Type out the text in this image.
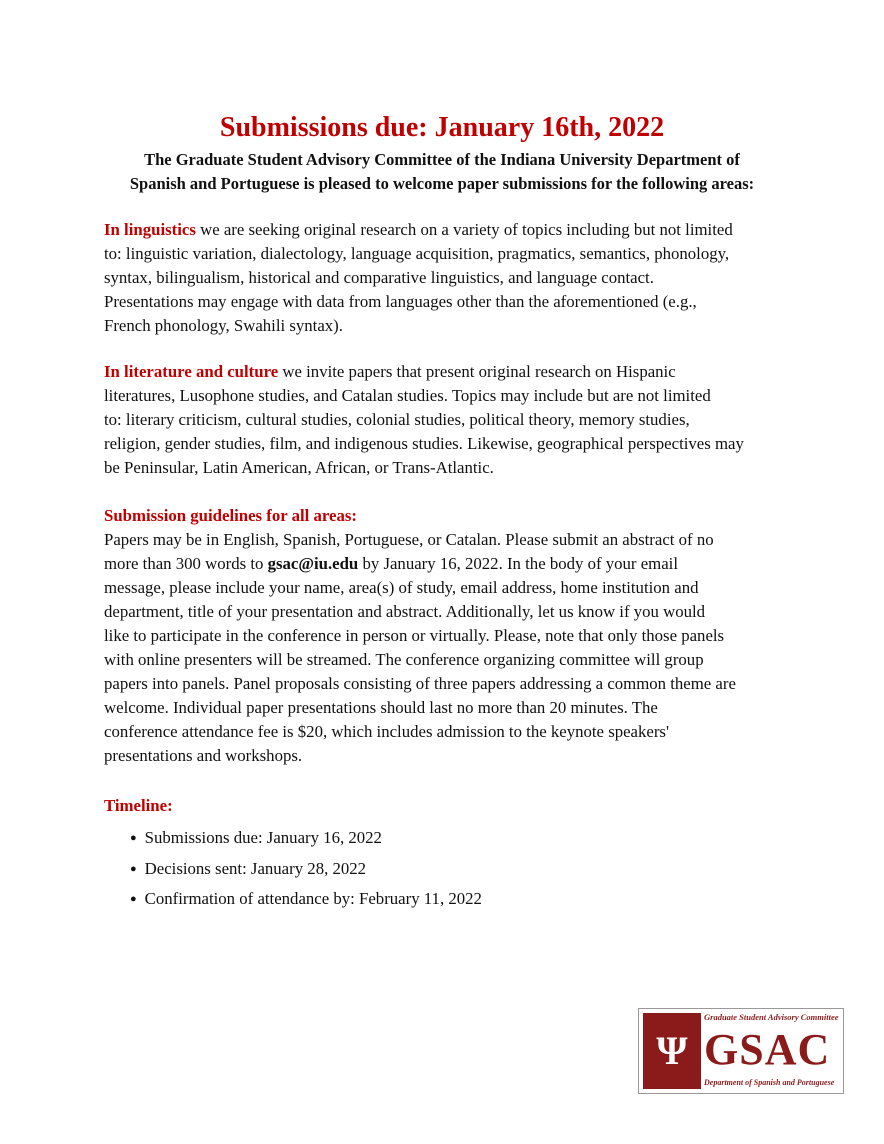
Submissions due: January 16th, 2022
The Graduate Student Advisory Committee of the Indiana University Department of
Spanish and Portuguese is pleased to welcome paper submissions for the following areas:
In linguistics we are seeking original research on a variety of topics including but not limited
to: linguistic variation, dialectology, language acquisition, pragmatics, semantics, phonology,
syntax, bilingualism, historical and comparative linguistics, and language contact.
Presentations may engage with data from languages other than the aforementioned (e.g.,
French phonology, Swahili syntax).
In literature and culture we invite papers that present original research on Hispanic
literatures, Lusophone studies, and Catalan studies. Topics may include but are not limited
to: literary criticism, cultural studies, colonial studies, political theory, memory studies,
religion, gender studies, film, and indigenous studies. Likewise, geographical perspectives may
be Peninsular, Latin American, African, or Trans-Atlantic.
Submission guidelines for all areas:
Papers may be in English, Spanish, Portuguese, or Catalan. Please submit an abstract of no
more than 300 words to gsac@iu.edu by January 16, 2022. In the body of your email
message, please include your name, area(s) of study, email address, home institution and
department, title of your presentation and abstract. Additionally, let us know if you would
like to participate in the conference in person or virtually. Please, note that only those panels
with online presenters will be streamed. The conference organizing committee will group
papers into panels. Panel proposals consisting of three papers addressing a common theme are
welcome. Individual paper presentations should last no more than 20 minutes. The
conference attendance fee is $20, which includes admission to the keynote speakers'
presentations and workshops.
Timeline:
● Submissions due: January 16, 2022
● Decisions sent: January 28, 2022
● Confirmation of attendance by: February 11, 2022
Ψ
Graduate Student Advisory Committee
GSAC
Department of Spanish and Portuguese
